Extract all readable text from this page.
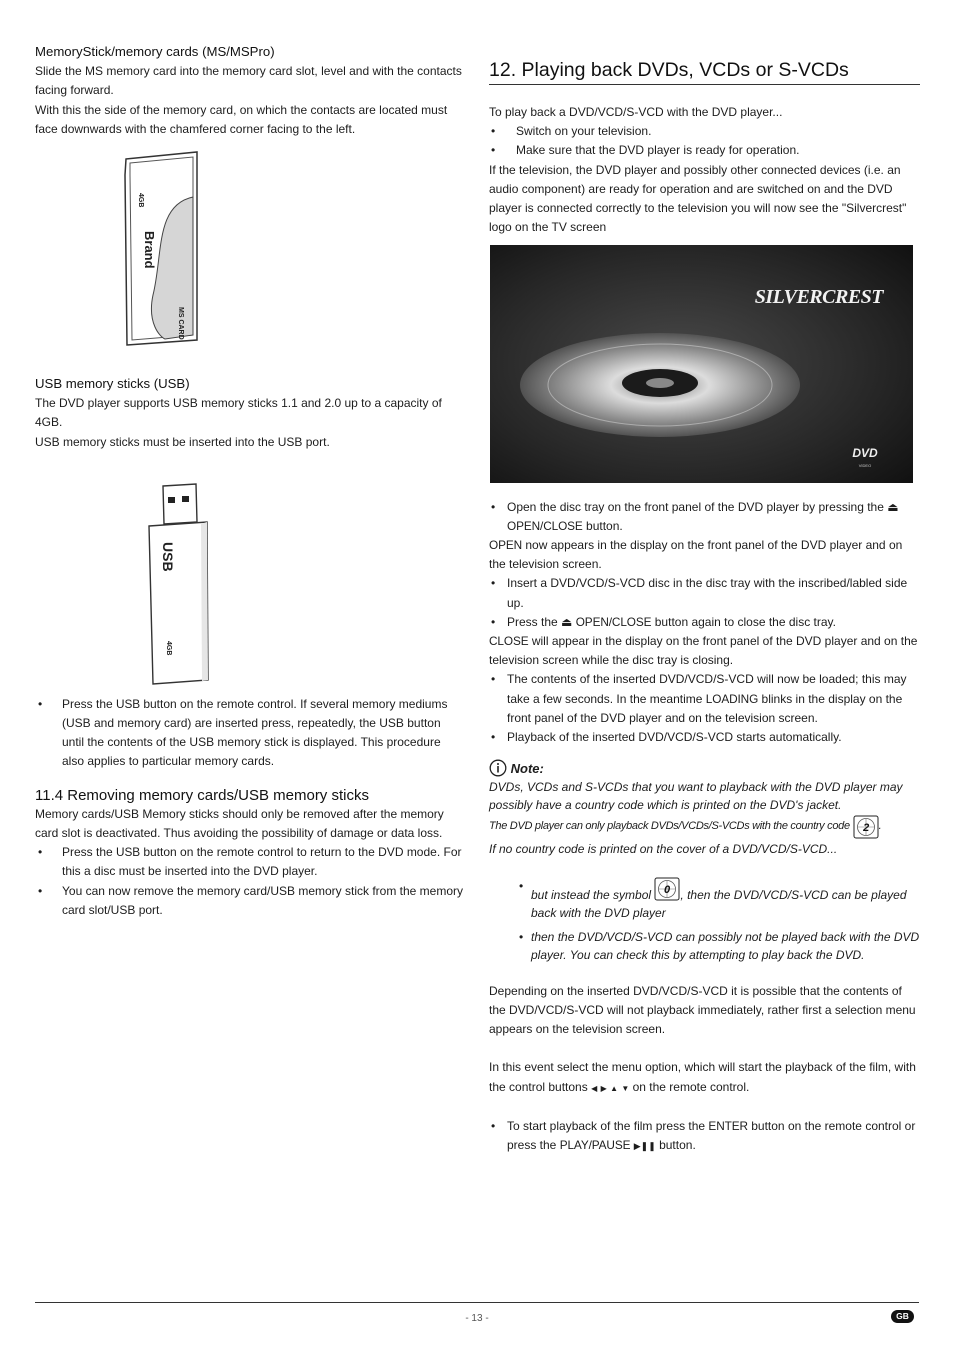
MemoryStick/memory cards (MS/MSPro)

Slide the MS memory card into the memory card slot, level and with the contacts facing forward.

With this the side of the memory card, on which the contacts are located must face downwards with the chamfered corner facing to the left.

4GB
Brand
MS CARD

USB memory sticks (USB)

The DVD player supports USB memory sticks 1.1 and 2.0 up to a capacity of 4GB.

USB memory sticks must be inserted into the USB port.

USB
4GB
• Press the USB button on the remote control. If several memory mediums (USB and memory card) are inserted press, repeatedly, the USB button until the contents of the USB memory stick is displayed. This procedure also applies to particular memory cards.

11.4 Removing memory cards/USB memory sticks

Memory cards/USB Memory sticks should only be removed after the memory card slot is deactivated. Thus avoiding the possibility of damage or data loss.

• Press the USB button on the remote control to return to the DVD mode. For this a disc must be inserted into the DVD player.
• You can now remove the memory card/USB memory stick from the memory card slot/USB port.

12. Playing back DVDs, VCDs or S-VCDs

To play back a DVD/VCD/S-VCD with the DVD player...

• Switch on your television.
• Make sure that the DVD player is ready for operation.

If the television, the DVD player and possibly other connected devices (i.e. an audio component) are ready for operation and are switched on and the DVD player is connected correctly to the television you will now see the "Silvercrest" logo on the TV screen

SILVERCREST
DVD
VIDEO
• Open the disc tray on the front panel of the DVD player by pressing the ⏏ OPEN/CLOSE button.

OPEN now appears in the display on the front panel of the DVD player and on the television screen.

• Insert a DVD/VCD/S-VCD disc in the disc tray with the inscribed/labled side up.
• Press the ⏏ OPEN/CLOSE button again to close the disc tray.

CLOSE will appear in the display on the front panel of the DVD player and on the television screen while the disc tray is closing.

• The contents of the inserted DVD/VCD/S-VCD will now be loaded; this may take a few seconds. In the meantime LOADING blinks in the display on the front panel of the DVD player and on the television screen.
• Playback of the inserted DVD/VCD/S-VCD starts automatically.

Note:

DVDs, VCDs and S-VCDs that you want to playback with the DVD player may possibly have a country code which is printed on the DVD's jacket.

The DVD player can only playback DVDs/VCDs/S-VCDs with the country code 2 .

If no country code is printed on the cover of a DVD/VCD/S-VCD...

• but instead the symbol 0 , then the DVD/VCD/S-VCD can be played back with the DVD player
• then the DVD/VCD/S-VCD can possibly not be played back with the DVD player. You can check this by attempting to play back the DVD.

Depending on the inserted DVD/VCD/S-VCD it is possible that the contents of the DVD/VCD/S-VCD will not playback immediately, rather first a selection menu appears on the television screen.

In this event select the menu option, which will start the playback of the film, with the control buttons ◀ ▶ ▲ ▼ on the remote control.

• To start playback of the film press the ENTER button on the remote control or press the PLAY/PAUSE ▶❚❚ button.
- 13 -	GB
